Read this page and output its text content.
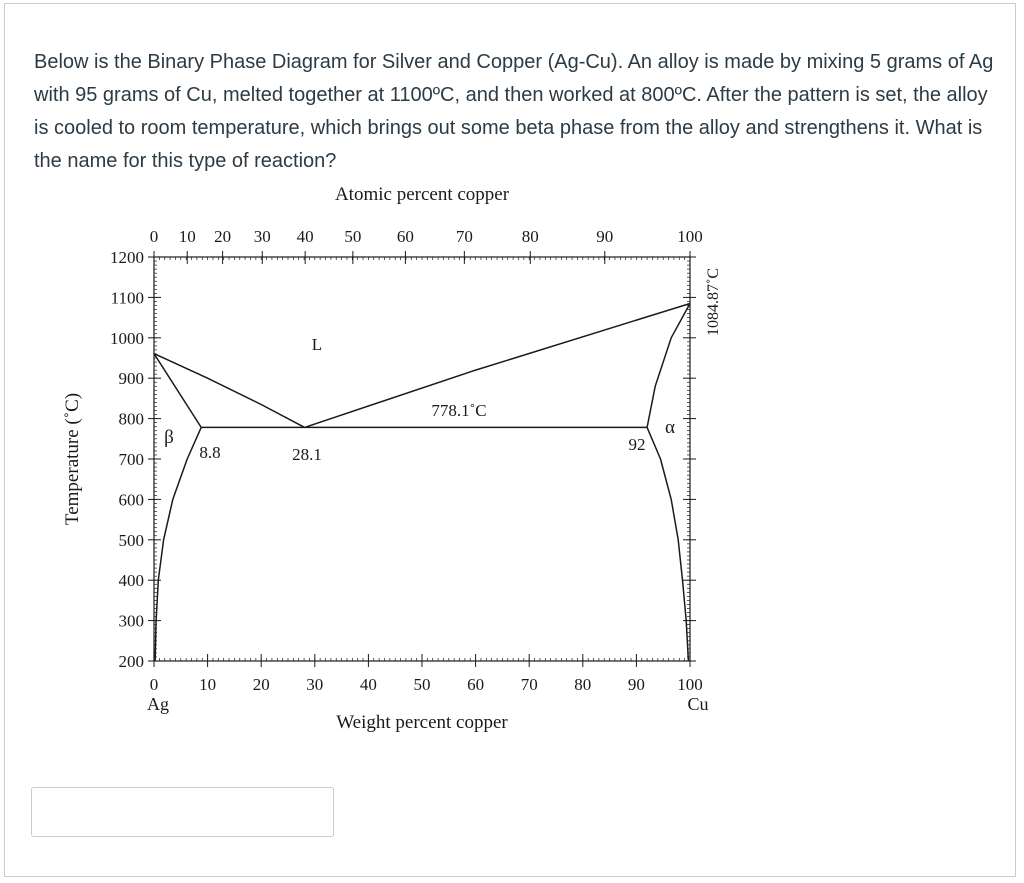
Below is the Binary Phase Diagram for Silver and Copper (Ag-Cu). An alloy is made by mixing 5 grams of Ag with 95 grams of Cu, melted together at 1100ºC, and then worked at 800ºC. After the pattern is set, the alloy is cooled to room temperature, which brings out some beta phase from the alloy and strengthens it. What is the name for this type of reaction?

0 10 20 30 40 50 60 70 80 90 100
200
300
400
500
600
700
800
900
1000
1100
1200
0 10 20 30 40 50 60 70	80	90	100
Atomic percent copper
Weight percent copper
Temperature (˚C)
Ag	Cu
1084.87˚C
L
β	α
778.1˚C
28.1
8.8	92
